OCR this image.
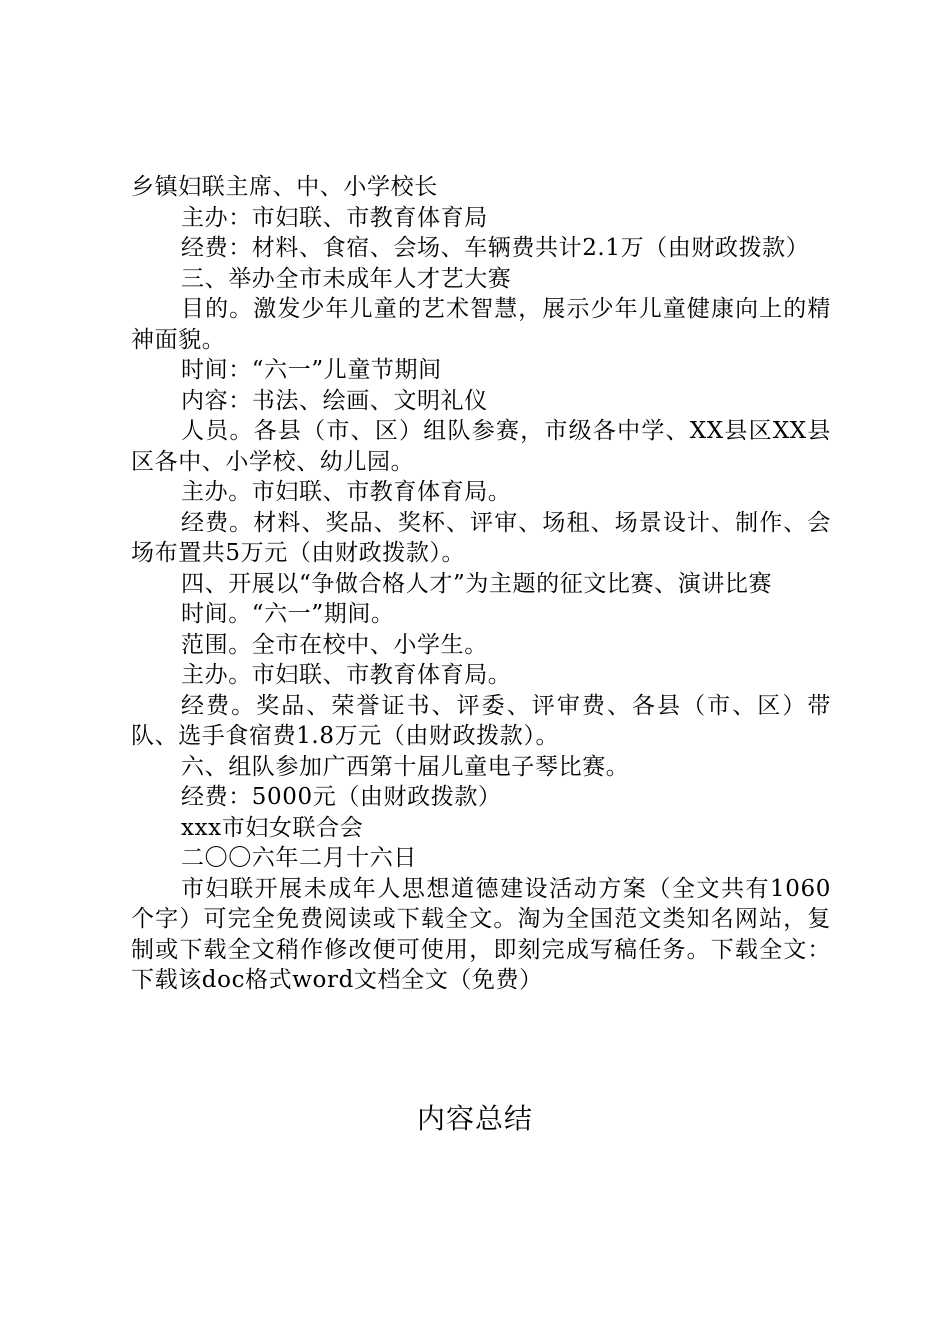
乡镇妇联主席、中、小学校长

主办：市妇联、市教育体育局

经费：材料、食宿、会场、车辆费共计2.1万（由财政拨款）

三、举办全市未成年人才艺大赛

目的。激发少年儿童的艺术智慧，展示少年儿童健康向上的精神面貌。

时间：“六一”儿童节期间

内容：书法、绘画、文明礼仪

人员。各县（市、区）组队参赛，市级各中学、XX县区XX县区各中、小学校、幼儿园。

主办。市妇联、市教育体育局。

经费。材料、奖品、奖杯、评审、场租、场景设计、制作、会场布置共5万元（由财政拨款）。

四、开展以“争做合格人才”为主题的征文比赛、演讲比赛

时间。“六一”期间。

范围。全市在校中、小学生。

主办。市妇联、市教育体育局。

经费。奖品、荣誉证书、评委、评审费、各县（市、区）带队、选手食宿费1.8万元（由财政拨款）。

六、组队参加广西第十届儿童电子琴比赛。

经费：5000元（由财政拨款）

xxx市妇女联合会

二〇〇六年二月十六日

市妇联开展未成年人思想道德建设活动方案（全文共有1060个字）可完全免费阅读或下载全文。淘为全国范文类知名网站，复制或下载全文稍作修改便可使用，即刻完成写稿任务。下载全文：下载该doc格式word文档全文（免费）

内容总结
